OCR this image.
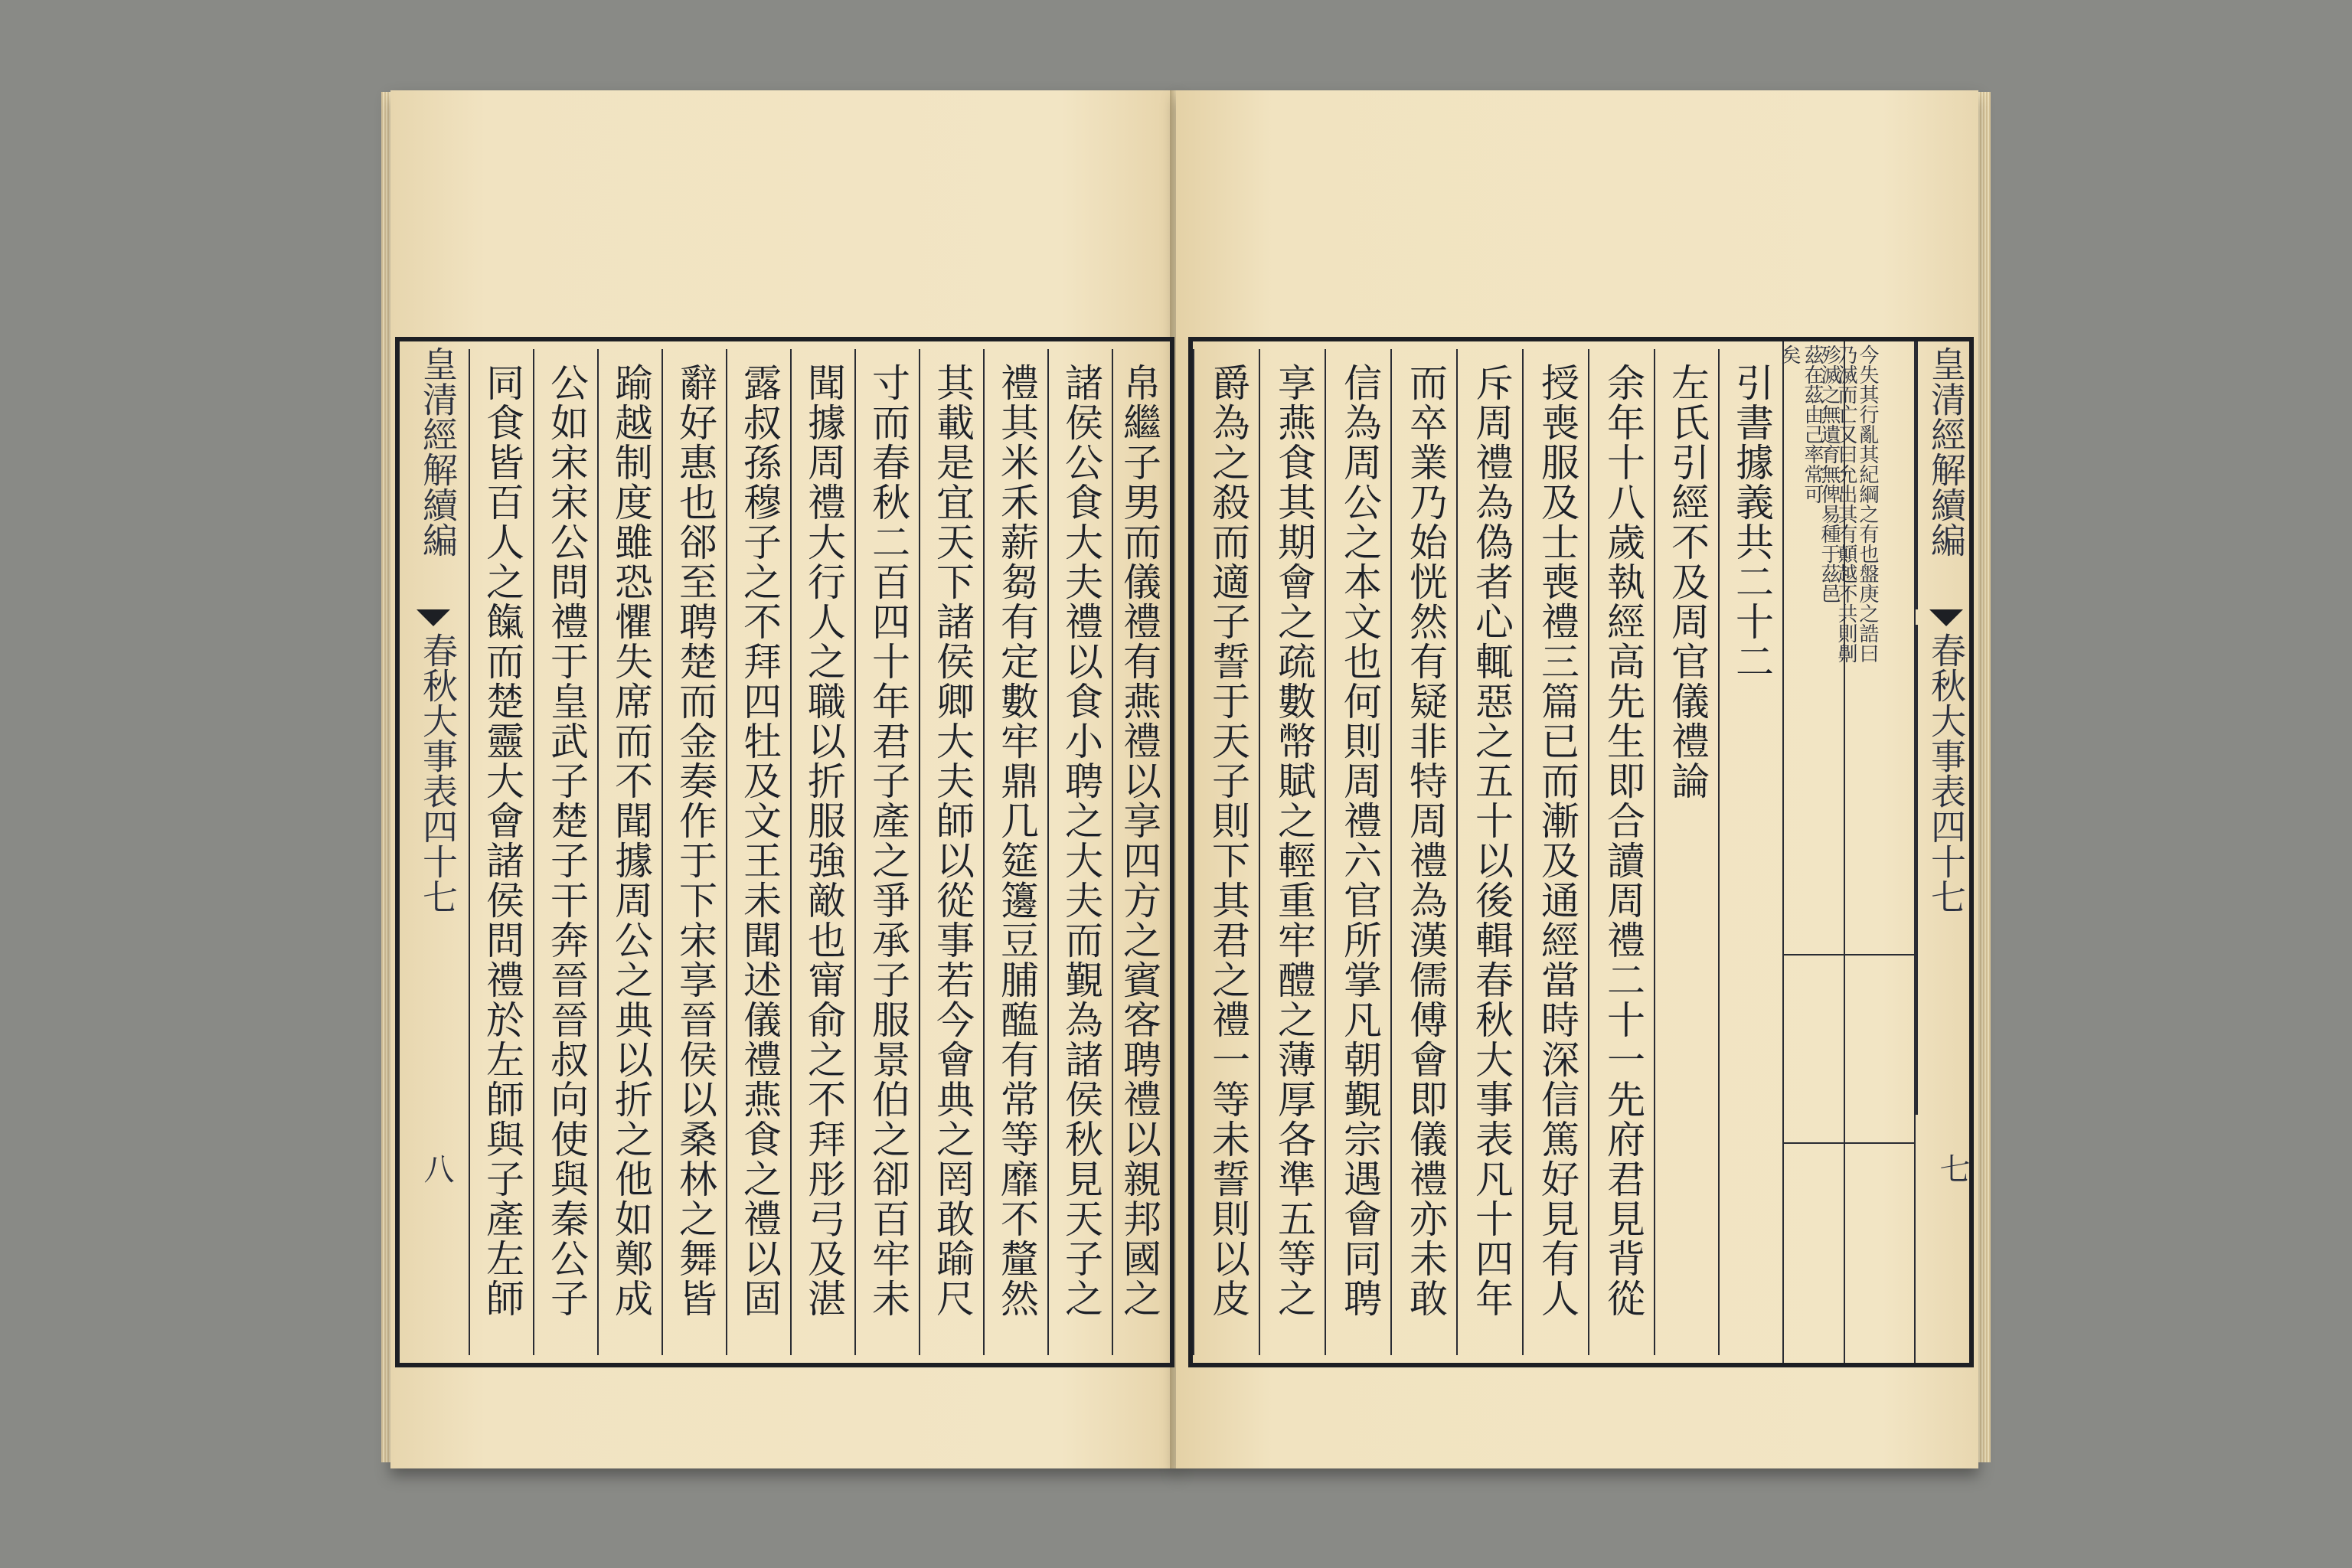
皇清經解續編
春秋大事表四十七
八 同食皆百人之餼而楚靈大會諸侯問禮於左師與子產左師 公如宋宋公問禮于皇武子楚子干奔晉晉叔向使與秦公子 踰越制度雖恐懼失席而不聞據周公之典以折之他如鄭成 辭好惠也郤至聘楚而金奏作于下宋享晉侯以桑林之舞皆 露叔孫穆子之不拜四牡及文王未聞述儀禮燕食之禮以固 聞據周禮大行人之職以折服強敵也甯俞之不拜彤弓及湛 寸而春秋二百四十年君子產之爭承子服景伯之卻百牢未 其載是宜天下諸侯卿大夫師以從事若今會典之罔敢踰尺 禮其米禾薪芻有定數牢鼎几筵籩豆脯醢有常等靡不釐然 諸侯公食大夫禮以食小聘之大夫而覲為諸侯秋見天子之 帛繼子男而儀禮有燕禮以享四方之賓客聘禮以親邦國之	爵為之殺而適子誓于天子則下其君之禮一等未誓則以皮 享燕食其期會之疏數幣賦之輕重牢醴之薄厚各準五等之 信為周公之本文也何則周禮六官所掌凡朝覲宗遇會同聘 而卒業乃始恍然有疑非特周禮為漢儒傅會即儀禮亦未敢 斥周禮為偽者心輒惡之五十以後輯春秋大事表凡十四年 授喪服及士喪禮三篇已而漸及通經當時深信篤好見有人 余年十八歲執經高先生即合讀周禮二十一先府君見背從 左氏引經不及周官儀禮論 引書據義共二十二
矣 茲在茲由己率常可
殄滅之無遺育無俾易種于茲邑
乃滅而亡又曰允出其有顛越不共則劓
今失其行亂其紀綱之有也盤庚之誥曰 皇清經解續編
春秋大事表四十七
七
